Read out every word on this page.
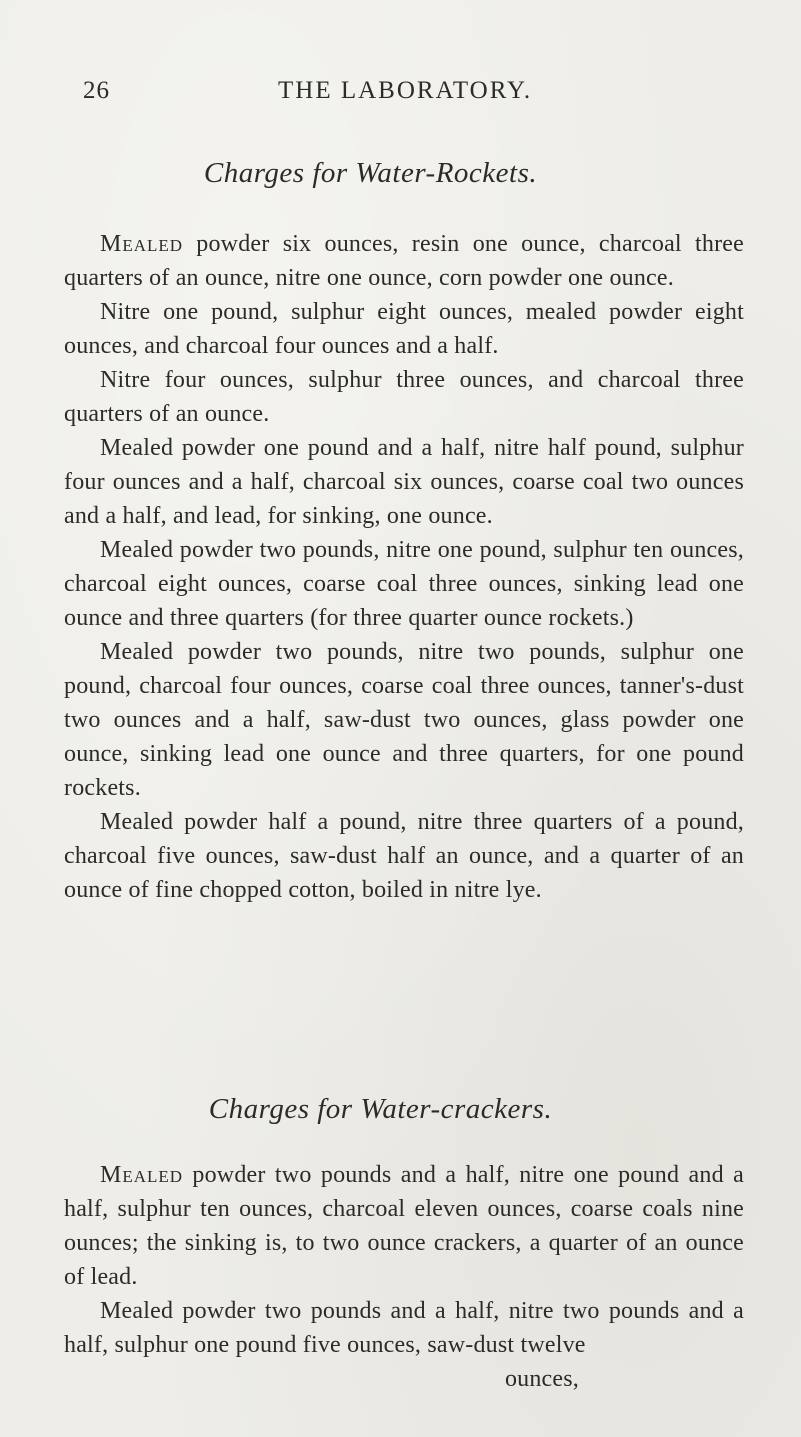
26	THE LABORATORY.
Charges for Water-Rockets.

Mealed powder six ounces, resin one ounce, charcoal three quarters of an ounce, nitre one ounce, corn powder one ounce.

Nitre one pound, sulphur eight ounces, mealed powder eight ounces, and charcoal four ounces and a half.

Nitre four ounces, sulphur three ounces, and charcoal three quarters of an ounce.

Mealed powder one pound and a half, nitre half pound, sulphur four ounces and a half, charcoal six ounces, coarse coal two ounces and a half, and lead, for sinking, one ounce.

Mealed powder two pounds, nitre one pound, sulphur ten ounces, charcoal eight ounces, coarse coal three ounces, sinking lead one ounce and three quarters (for three quarter ounce rockets.)

Mealed powder two pounds, nitre two pounds, sulphur one pound, charcoal four ounces, coarse coal three ounces, tanner's-dust two ounces and a half, saw-dust two ounces, glass powder one ounce, sinking lead one ounce and three quarters, for one pound rockets.

Mealed powder half a pound, nitre three quarters of a pound, charcoal five ounces, saw-dust half an ounce, and a quarter of an ounce of fine chopped cotton, boiled in nitre lye.

Charges for Water-crackers.

Mealed powder two pounds and a half, nitre one pound and a half, sulphur ten ounces, charcoal eleven ounces, coarse coals nine ounces; the sinking is, to two ounce crackers, a quarter of an ounce of lead.

Mealed powder two pounds and a half, nitre two pounds and a half, sulphur one pound five ounces, saw-dust twelve

ounces,
